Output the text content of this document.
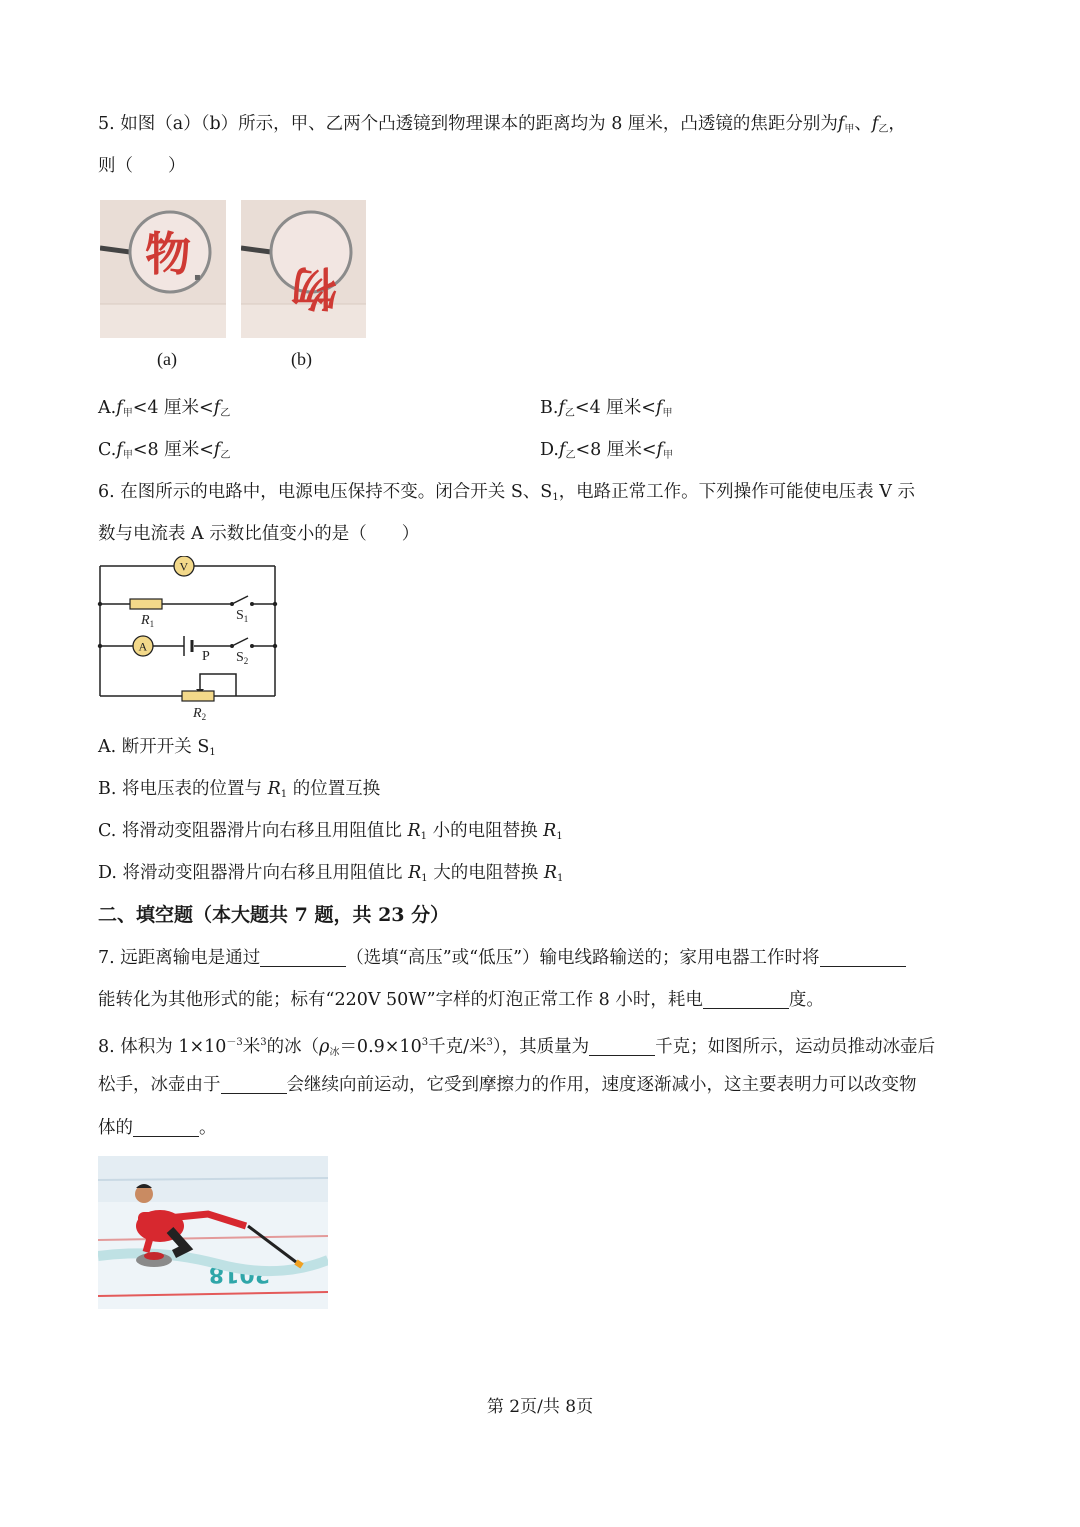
5. 如图（a）（b）所示，甲、乙两个凸透镜到物理课本的距离均为 8 厘米，凸透镜的焦距分别为$f_甲$、$f_乙$，
则（　　）
物 ▪
(a)
物
(b)
$A.f_甲<4$ 厘米$<f_乙$	$B.f_乙<4$ 厘米$<f_甲$
$C.f_甲<8$ 厘米$<f_乙$	$D.f_乙<8$ 厘米$<f_甲$
6. 在图所示的电路中，电源电压保持不变。闭合开关 S、$S_1$，电路正常工作。下列操作可能使电压表 V 示
数与电流表 A 示数比值变小的是（　　）
V
A
$R_1$
$S_1$
P $S_2$
$R_2$
A. 断开开关 $S_1$
B. 将电压表的位置与 $R_1$ 的位置互换
C. 将滑动变阻器滑片向右移且用阻值比 $R_1$ 小的电阻替换 $R_1$
D. 将滑动变阻器滑片向右移且用阻值比 $R_1$ 大的电阻替换 $R_1$
二、填空题（本大题共 7 题，共 23 分）
7. 远距离输电是通过	（选填“高压”或“低压”）输电线路输送的；家用电器工作时将
能转化为其他形式的能；标有“220V 50W”字样的灯泡正常工作 8 小时，耗电	度。
8. 体积为 $1\times 10^{-3}$米$^3$的冰（$\rho_冰=0.9\times 10^3$千克/米$^3$），其质量为	千克；如图所示，运动员推动冰壶后
松手，冰壶由于	会继续向前运动，它受到摩擦力的作用，速度逐渐减小，这主要表明力可以改变物
体的	。
2018
第 2页/共 8页
